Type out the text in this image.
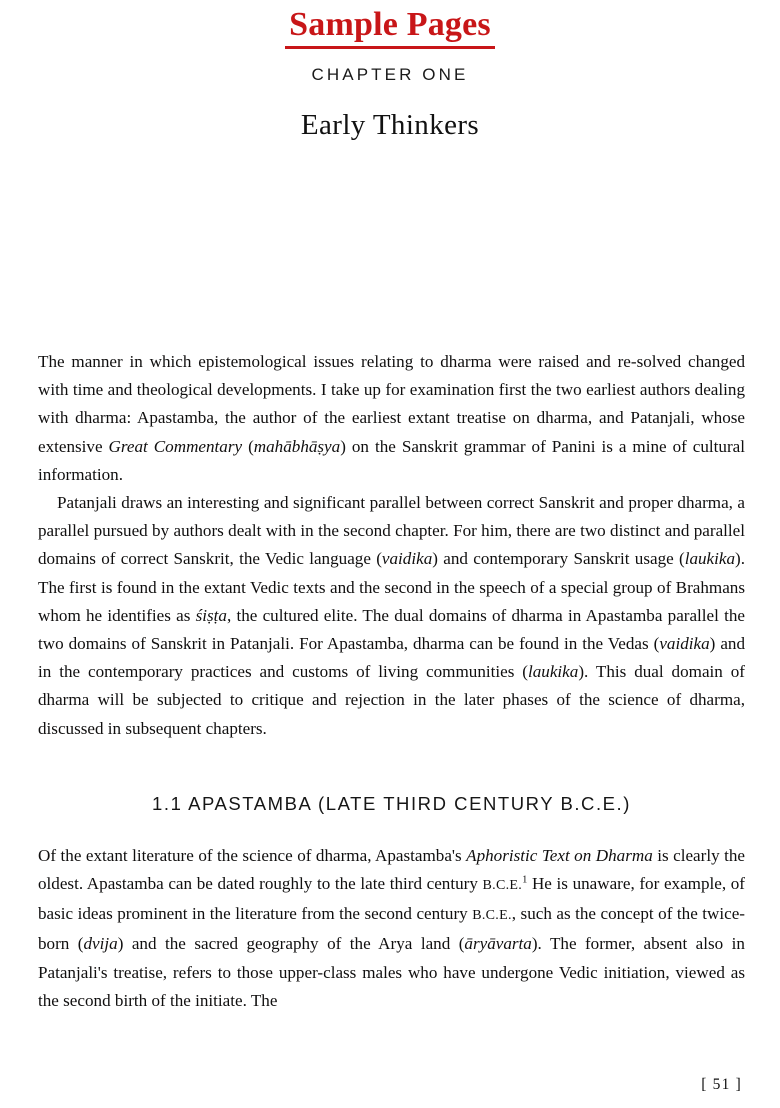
Sample Pages
CHAPTER ONE
Early Thinkers

The manner in which epistemological issues relating to dharma were raised and re-solved changed with time and theological developments. I take up for examination first the two earliest authors dealing with dharma: Apastamba, the author of the earliest extant treatise on dharma, and Patanjali, whose extensive Great Commentary (mahābhāṣya) on the Sanskrit grammar of Panini is a mine of cultural information.

Patanjali draws an interesting and significant parallel between correct Sanskrit and proper dharma, a parallel pursued by authors dealt with in the second chapter. For him, there are two distinct and parallel domains of correct Sanskrit, the Vedic language (vaidika) and contemporary Sanskrit usage (laukika). The first is found in the extant Vedic texts and the second in the speech of a special group of Brahmans whom he identifies as śiṣṭa, the cultured elite. The dual domains of dharma in Apastamba parallel the two domains of Sanskrit in Patanjali. For Apastamba, dharma can be found in the Vedas (vaidika) and in the contemporary practices and customs of living communities (laukika). This dual domain of dharma will be subjected to critique and rejection in the later phases of the science of dharma, discussed in subsequent chapters.

1.1 APASTAMBA (LATE THIRD CENTURY B.C.E.)

Of the extant literature of the science of dharma, Apastamba's Aphoristic Text on Dharma is clearly the oldest. Apastamba can be dated roughly to the late third century B.C.E.$^1$ He is unaware, for example, of basic ideas prominent in the literature from the second century B.C.E., such as the concept of the twice-born (dvija) and the sacred geography of the Arya land (āryāvarta). The former, absent also in Patanjali's treatise, refers to those upper-class males who have undergone Vedic initiation, viewed as the second birth of the initiate. The

[ 51 ]
